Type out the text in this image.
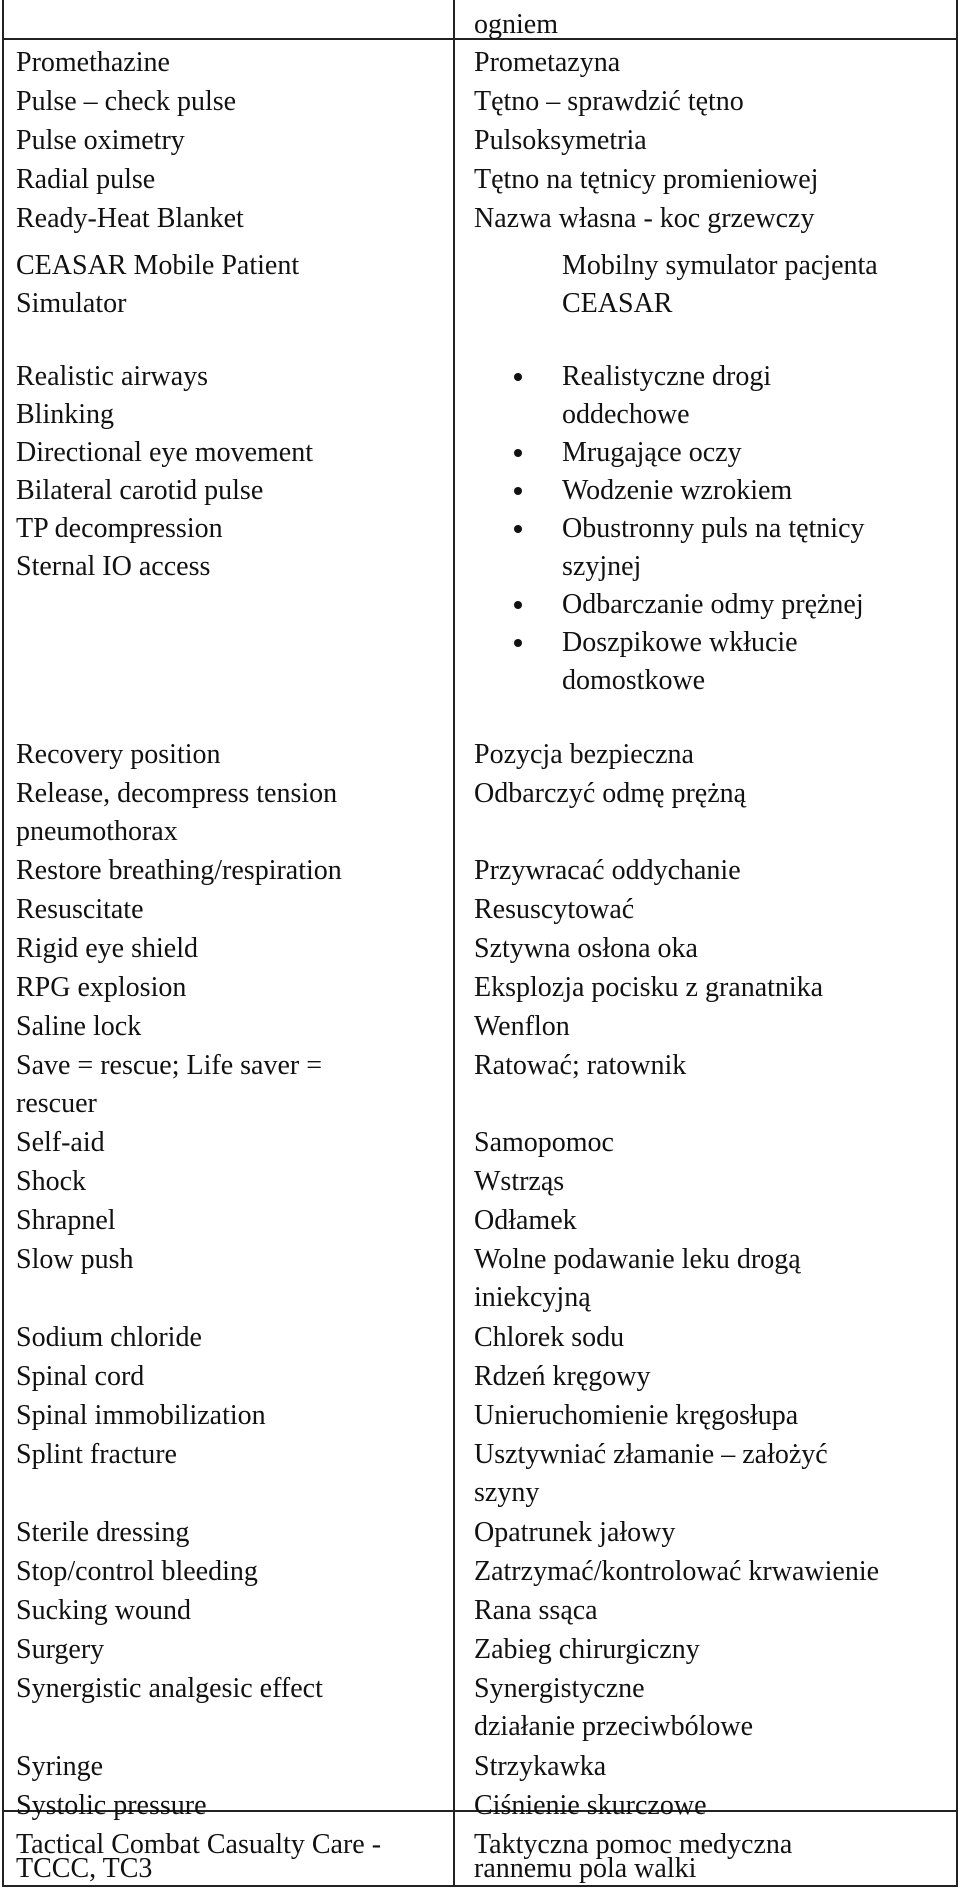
ogniem
Promethazine
Pulse – check pulse
Pulse oximetry
Radial pulse
Ready-Heat Blanket
CEASAR Mobile Patient
Simulator
Realistic airways
Blinking
Directional eye movement
Bilateral carotid pulse
TP decompression
Sternal IO access
Recovery position
Release, decompress tension
pneumothorax
Restore breathing/respiration
Resuscitate
Rigid eye shield
RPG explosion
Saline lock
Save = rescue; Life saver =
rescuer
Self-aid
Shock
Shrapnel
Slow push
Sodium chloride
Spinal cord
Spinal immobilization
Splint fracture
Sterile dressing
Stop/control bleeding
Sucking wound
Surgery
Synergistic analgesic effect
Syringe
Systolic pressure
Tactical Combat Casualty Care -
TCCC, TC3
Prometazyna
Tętno – sprawdzić tętno
Pulsoksymetria
Tętno na tętnicy promieniowej
Nazwa własna - koc grzewczy
Mobilny symulator pacjenta
CEASAR
Realistyczne drogi
oddechowe
Mrugające oczy
Wodzenie wzrokiem
Obustronny puls na tętnicy
szyjnej
Odbarczanie odmy prężnej
Doszpikowe wkłucie
domostkowe
Pozycja bezpieczna
Odbarczyć odmę prężną
Przywracać oddychanie
Resuscytować
Sztywna osłona oka
Eksplozja pocisku z granatnika
Wenflon
Ratować; ratownik
Samopomoc
Wstrząs
Odłamek
Wolne podawanie leku drogą
iniekcyjną
Chlorek sodu
Rdzeń kręgowy
Unieruchomienie kręgosłupa
Usztywniać złamanie – założyć
szyny
Opatrunek jałowy
Zatrzymać/kontrolować krwawienie
Rana ssąca
Zabieg chirurgiczny
Synergistyczne
działanie przeciwbólowe
Strzykawka
Ciśnienie skurczowe
Taktyczna pomoc medyczna
rannemu pola walki
